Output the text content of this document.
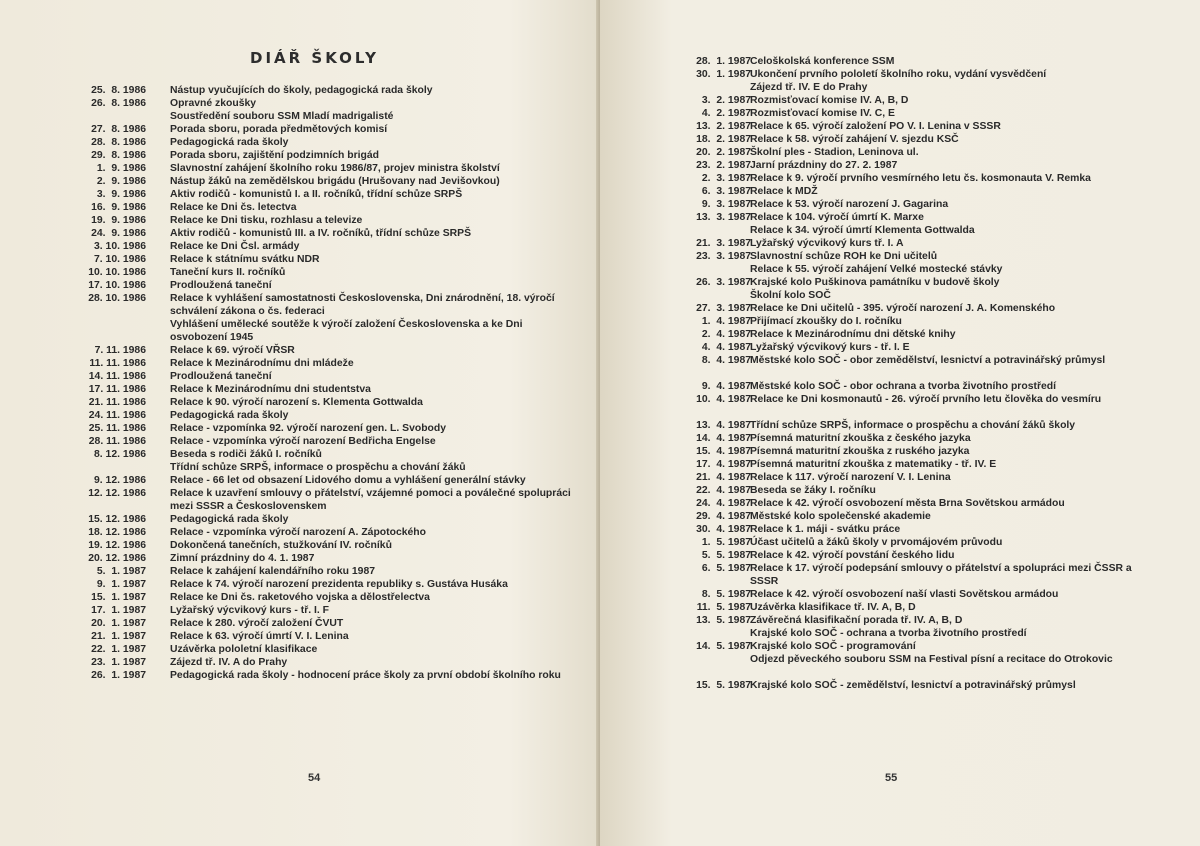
DIÁŘ ŠKOLY
25.  8. 1986 Nástup vyučujících do školy, pedagogická rada školy
26.  8. 1986 Opravné zkoušky
Soustředění souboru SSM Mladí madrigalisté
27.  8. 1986 Porada sboru, porada předmětových komisí
28.  8. 1986 Pedagogická rada školy
29.  8. 1986 Porada sboru, zajištění podzimních brigád
1.  9. 1986 Slavnostní zahájení školního roku 1986/87, projev ministra školství
2.  9. 1986 Nástup žáků na zemědělskou brigádu (Hrušovany nad Jevišovkou)
3.  9. 1986 Aktiv rodičů - komunistů I. a II. ročníků, třídní schůze SRPŠ
16.  9. 1986 Relace ke Dni čs. letectva
19.  9. 1986 Relace ke Dni tisku, rozhlasu a televize
24.  9. 1986 Aktiv rodičů - komunistů III. a IV. ročníků, třídní schůze SRPŠ
3. 10. 1986 Relace ke Dni Čsl. armády
7. 10. 1986 Relace k státnímu svátku NDR
10. 10. 1986 Taneční kurs II. ročníků
17. 10. 1986 Prodloužená taneční
28. 10. 1986 Relace k vyhlášení samostatnosti Československa, Dni znárodnění, 18. výročí schválení zákona o čs. federaci
Vyhlášení umělecké soutěže k výročí založení Československa a ke Dni osvobození 1945
7. 11. 1986 Relace k 69. výročí VŘSR
11. 11. 1986 Relace k Mezinárodnímu dni mládeže
14. 11. 1986 Prodloužená taneční
17. 11. 1986 Relace k Mezinárodnímu dni studentstva
21. 11. 1986 Relace k 90. výročí narození s. Klementa Gottwalda
24. 11. 1986 Pedagogická rada školy
25. 11. 1986 Relace - vzpomínka 92. výročí narození gen. L. Svobody
28. 11. 1986 Relace - vzpomínka výročí narození Bedřicha Engelse
8. 12. 1986 Beseda s rodiči žáků I. ročníků
Třídní schůze SRPŠ, informace o prospěchu a chování žáků
9. 12. 1986 Relace - 66 let od obsazení Lidového domu a vyhlášení generální stávky
12. 12. 1986 Relace k uzavření smlouvy o přátelství, vzájemné pomoci a poválečné spolupráci mezi SSSR a Československem
15. 12. 1986 Pedagogická rada školy
18. 12. 1986 Relace - vzpomínka výročí narození A. Zápotockého
19. 12. 1986 Dokončená tanečních, stužkování IV. ročníků
20. 12. 1986 Zimní prázdniny do 4. 1. 1987
5.  1. 1987 Relace k zahájení kalendářního roku 1987
9.  1. 1987 Relace k 74. výročí narození prezidenta republiky s. Gustáva Husáka
15.  1. 1987 Relace ke Dni čs. raketového vojska a dělostřelectva
17.  1. 1987 Lyžařský výcvikový kurs - tř. I. F
20.  1. 1987 Relace k 280. výročí založení ČVUT
21.  1. 1987 Relace k 63. výročí úmrtí V. I. Lenina
22.  1. 1987 Uzávěrka pololetní klasifikace
23.  1. 1987 Zájezd tř. IV. A do Prahy
26.  1. 1987 Pedagogická rada školy - hodnocení práce školy za první období školního roku
54
28.  1. 1987 Celoškolská konference SSM
30.  1. 1987 Ukončení prvního pololetí školního roku, vydání vysvědčení
Zájezd tř. IV. E do Prahy
3.  2. 1987 Rozmisťovací komise IV. A, B, D
4.  2. 1987 Rozmisťovací komise IV. C, E
13.  2. 1987 Relace k 65. výročí založení PO V. I. Lenina v SSSR
18.  2. 1987 Relace k 58. výročí zahájení V. sjezdu KSČ
20.  2. 1987 Školní ples - Stadion, Leninova ul.
23.  2. 1987 Jarní prázdniny do 27. 2. 1987
2.  3. 1987 Relace k 9. výročí prvního vesmírného letu čs. kosmonauta V. Remka
6.  3. 1987 Relace k MDŽ
9.  3. 1987 Relace k 53. výročí narození J. Gagarina
13.  3. 1987 Relace k 104. výročí úmrtí K. Marxe
Relace k 34. výročí úmrtí Klementa Gottwalda
21.  3. 1987 Lyžařský výcvikový kurs tř. I. A
23.  3. 1987 Slavnostní schůze ROH ke Dni učitelů
Relace k 55. výročí zahájení Velké mostecké stávky
26.  3. 1987 Krajské kolo Puškinova památníku v budově školy
Školní kolo SOČ
27.  3. 1987 Relace ke Dni učitelů - 395. výročí narození J. A. Komenského
1.  4. 1987 Přijímací zkoušky do I. ročníku
2.  4. 1987 Relace k Mezinárodnímu dni dětské knihy
4.  4. 1987 Lyžařský výcvikový kurs - tř. I. E
8.  4. 1987 Městské kolo SOČ - obor zemědělství, lesnictví a potravinářský průmysl
9.  4. 1987 Městské kolo SOČ - obor ochrana a tvorba životního prostředí
10.  4. 1987 Relace ke Dni kosmonautů - 26. výročí prvního letu člověka do vesmíru
13.  4. 1987 Třídní schůze SRPŠ, informace o prospěchu a chování žáků školy
14.  4. 1987 Písemná maturitní zkouška z českého jazyka
15.  4. 1987 Písemná maturitní zkouška z ruského jazyka
17.  4. 1987 Písemná maturitní zkouška z matematiky - tř. IV. E
21.  4. 1987 Relace k 117. výročí narození V. I. Lenina
22.  4. 1987 Beseda se žáky I. ročníku
24.  4. 1987 Relace k 42. výročí osvobození města Brna Sovětskou armádou
29.  4. 1987 Městské kolo společenské akademie
30.  4. 1987 Relace k 1. máji - svátku práce
1.  5. 1987 Účast učitelů a žáků školy v prvomájovém průvodu
5.  5. 1987 Relace k 42. výročí povstání českého lidu
6.  5. 1987 Relace k 17. výročí podepsání smlouvy o přátelství a spolupráci mezi ČSSR a SSSR
8.  5. 1987 Relace k 42. výročí osvobození naší vlasti Sovětskou armádou
11.  5. 1987 Uzávěrka klasifikace tř. IV. A, B, D
13.  5. 1987 Závěrečná klasifikační porada tř. IV. A, B, D
Krajské kolo SOČ - ochrana a tvorba životního prostředí
14.  5. 1987 Krajské kolo SOČ - programování
Odjezd pěveckého souboru SSM na Festival písní a recitace do Otrokovic
15.  5. 1987 Krajské kolo SOČ - zemědělství, lesnictví a potravinářský průmysl
55
